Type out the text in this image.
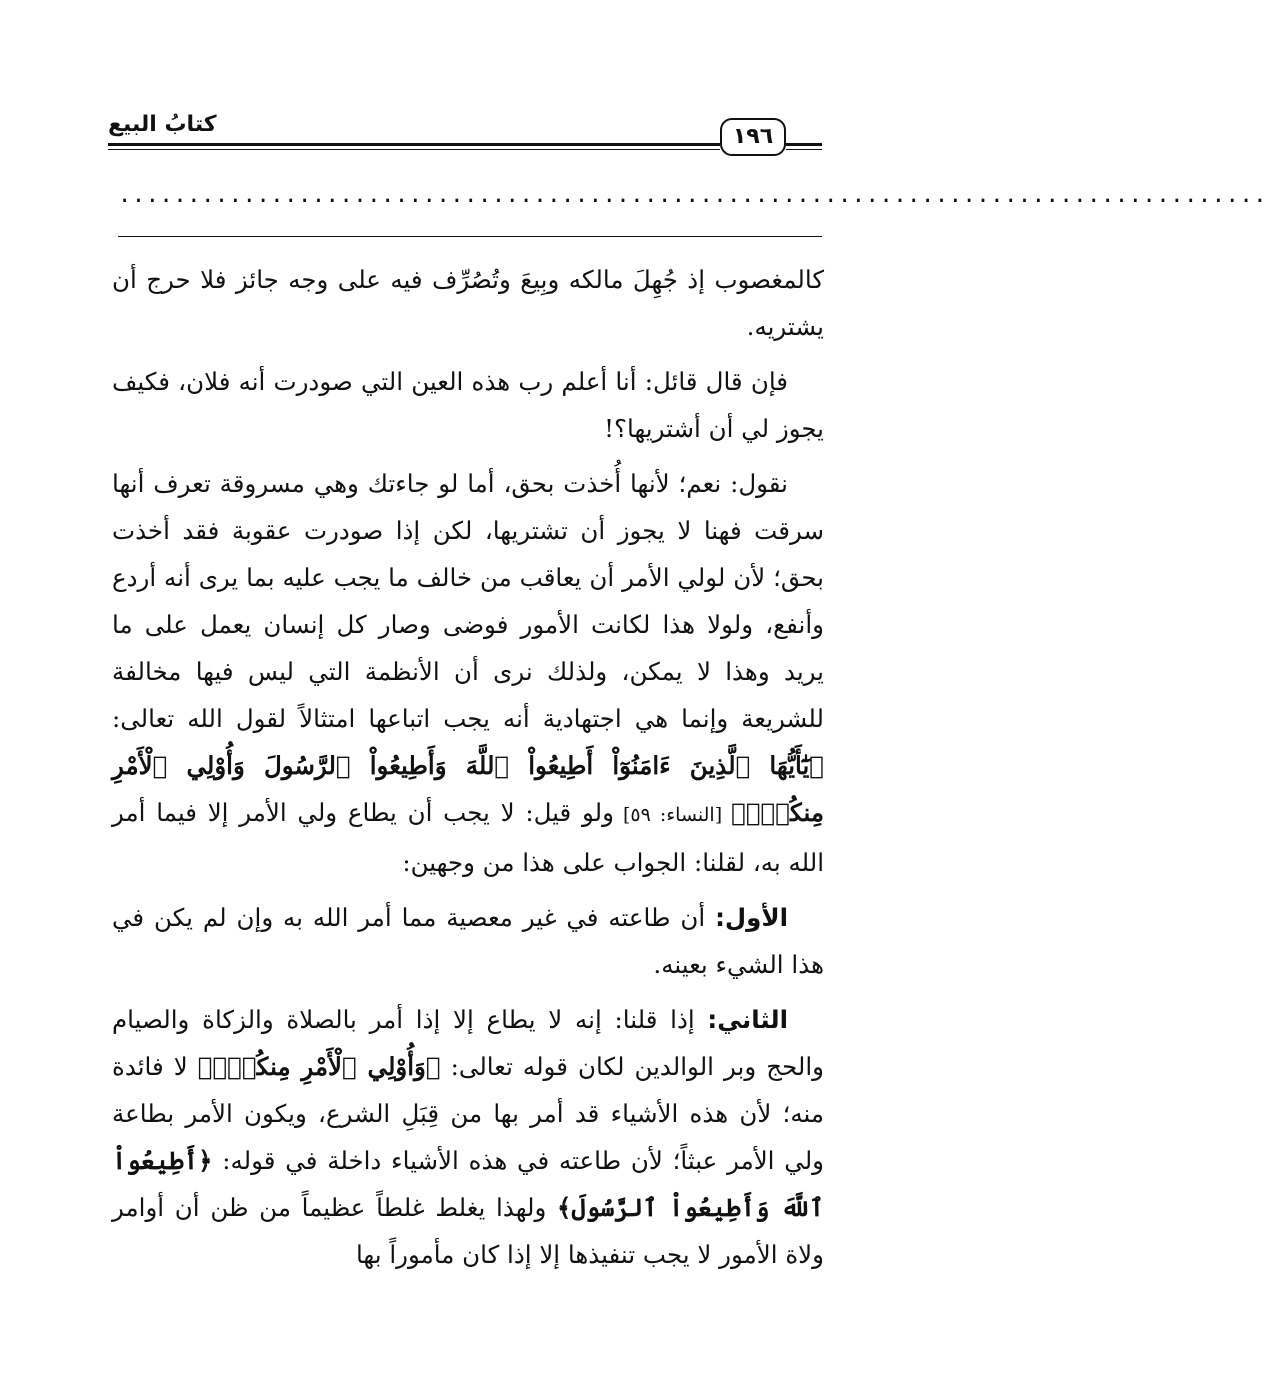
كتابُ البيع	١٩٦
...................................................................................

كالمغصوب إذ جُهِلَ مالكه وبِيعَ وتُصُرِّف فيه على وجه جائز فلا حرج أن يشتريه.

فإن قال قائل: أنا أعلم رب هذه العين التي صودرت أنه فلان، فكيف يجوز لي أن أشتريها؟!

نقول: نعم؛ لأنها أُخذت بحق، أما لو جاءتك وهي مسروقة تعرف أنها سرقت فهنا لا يجوز أن تشتريها، لكن إذا صودرت عقوبة فقد أخذت بحق؛ لأن لولي الأمر أن يعاقب من خالف ما يجب عليه بما يرى أنه أردع وأنفع، ولولا هذا لكانت الأمور فوضى وصار كل إنسان يعمل على ما يريد وهذا لا يمكن، ولذلك نرى أن الأنظمة التي ليس فيها مخالفة للشريعة وإنما هي اجتهادية أنه يجب اتباعها امتثالاً لقول الله تعالى: ﴿يَٰٓأَيُّهَا ٱلَّذِينَ ءَامَنُوٓاْ أَطِيعُواْ ٱللَّهَ وَأَطِيعُواْ ٱلرَّسُولَ وَأُوْلِي ٱلْأَمْرِ مِنكُمْۖ﴾ [النساء: ٥٩] ولو قيل: لا يجب أن يطاع ولي الأمر إلا فيما أمر الله به، لقلنا: الجواب على هذا من وجهين:

الأول: أن طاعته في غير معصية مما أمر الله به وإن لم يكن في هذا الشيء بعينه.

الثاني: إذا قلنا: إنه لا يطاع إلا إذا أمر بالصلاة والزكاة والصيام والحج وبر الوالدين لكان قوله تعالى: ﴿وَأُوْلِي ٱلْأَمْرِ مِنكُمْۖ﴾ لا فائدة منه؛ لأن هذه الأشياء قد أمر بها من قِبَلِ الشرع، ويكون الأمر بطاعة ولي الأمر عبثاً؛ لأن طاعته في هذه الأشياء داخلة في قوله: ﴿أَطِيعُواْ ٱللَّهَ وَأَطِيعُواْ ٱلرَّسُولَ﴾ ولهذا يغلط غلطاً عظيماً من ظن أن أوامر ولاة الأمور لا يجب تنفيذها إلا إذا كان مأموراً بها
